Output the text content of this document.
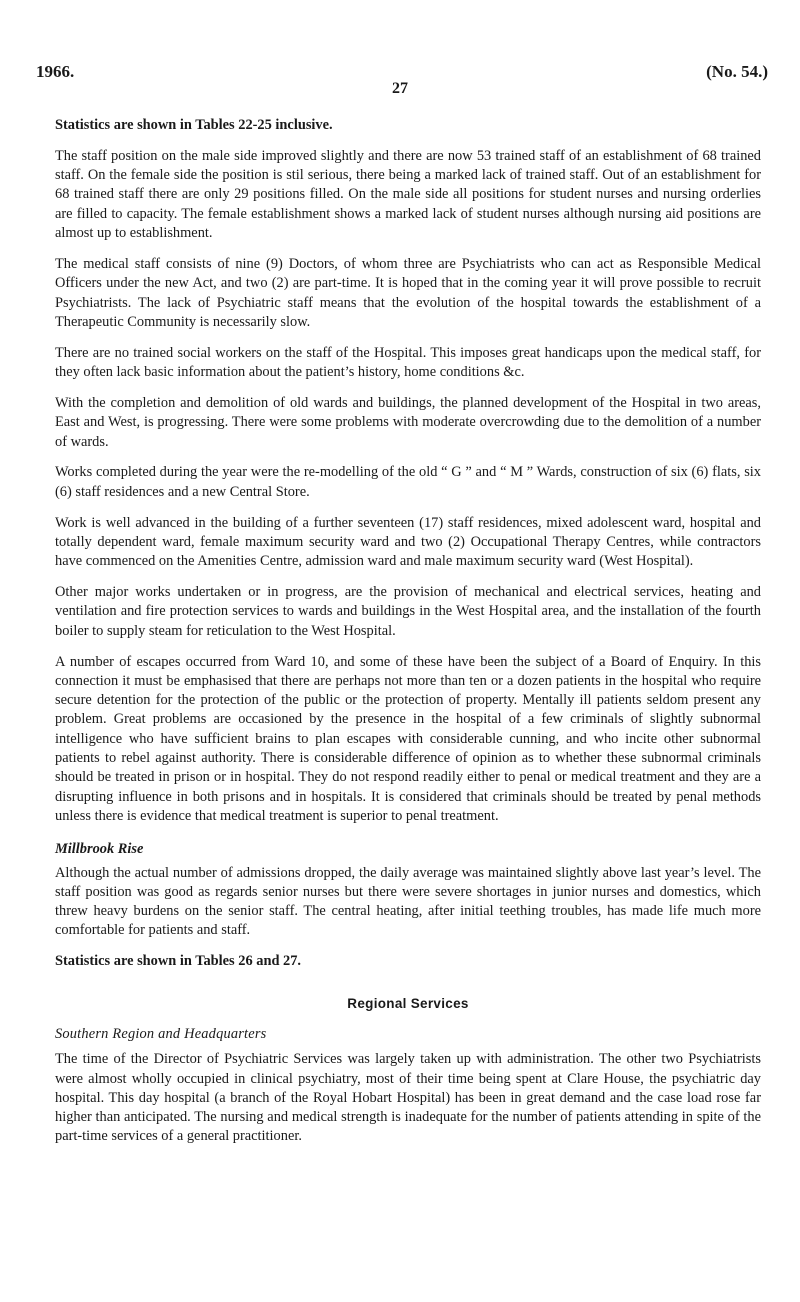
1966.	(No. 54.)
27

Statistics are shown in Tables 22-25 inclusive.

The staff position on the male side improved slightly and there are now 53 trained staff of an establishment of 68 trained staff. On the female side the position is stil serious, there being a marked lack of trained staff. Out of an establishment for 68 trained staff there are only 29 positions filled. On the male side all positions for student nurses and nursing orderlies are filled to capacity. The female establishment shows a marked lack of student nurses although nursing aid positions are almost up to establishment.

The medical staff consists of nine (9) Doctors, of whom three are Psychiatrists who can act as Responsible Medical Officers under the new Act, and two (2) are part-time. It is hoped that in the coming year it will prove possible to recruit Psychiatrists. The lack of Psychiatric staff means that the evolution of the hospital towards the establishment of a Therapeutic Community is necessarily slow.

There are no trained social workers on the staff of the Hospital. This imposes great handicaps upon the medical staff, for they often lack basic information about the patient’s history, home conditions &c.

With the completion and demolition of old wards and buildings, the planned development of the Hospital in two areas, East and West, is progressing. There were some problems with moderate overcrowding due to the demolition of a number of wards.

Works completed during the year were the re-modelling of the old “ G ” and “ M ” Wards, construction of six (6) flats, six (6) staff residences and a new Central Store.

Work is well advanced in the building of a further seventeen (17) staff residences, mixed adolescent ward, hospital and totally dependent ward, female maximum security ward and two (2) Occupational Therapy Centres, while contractors have commenced on the Amenities Centre, admission ward and male maximum security ward (West Hospital).

Other major works undertaken or in progress, are the provision of mechanical and electrical services, heating and ventilation and fire protection services to wards and buildings in the West Hospital area, and the installation of the fourth boiler to supply steam for reticulation to the West Hospital.

A number of escapes occurred from Ward 10, and some of these have been the subject of a Board of Enquiry. In this connection it must be emphasised that there are perhaps not more than ten or a dozen patients in the hospital who require secure detention for the protection of the public or the protection of property. Mentally ill patients seldom present any problem. Great problems are occasioned by the presence in the hospital of a few criminals of slightly subnormal intelligence who have sufficient brains to plan escapes with considerable cunning, and who incite other subnormal patients to rebel against authority. There is considerable difference of opinion as to whether these subnormal criminals should be treated in prison or in hospital. They do not respond readily either to penal or medical treatment and they are a disrupting influence in both prisons and in hospitals. It is considered that criminals should be treated by penal methods unless there is evidence that medical treatment is superior to penal treatment.

Millbrook Rise

Although the actual number of admissions dropped, the daily average was maintained slightly above last year’s level. The staff position was good as regards senior nurses but there were severe shortages in junior nurses and domestics, which threw heavy burdens on the senior staff. The central heating, after initial teething troubles, has made life much more comfortable for patients and staff.

Statistics are shown in Tables 26 and 27.

Regional Services
Southern Region and Headquarters

The time of the Director of Psychiatric Services was largely taken up with administration. The other two Psychiatrists were almost wholly occupied in clinical psychiatry, most of their time being spent at Clare House, the psychiatric day hospital. This day hospital (a branch of the Royal Hobart Hospital) has been in great demand and the case load rose far higher than anticipated. The nursing and medical strength is inadequate for the number of patients attending in spite of the part-time services of a general practitioner.
